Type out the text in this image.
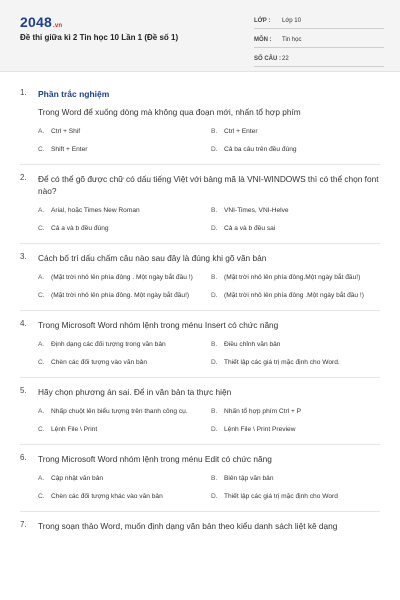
2048.vn
Đề thi giữa kì 2 Tin học 10 Lần 1 (Đề số 1)
LỚP :	Lớp 10
MÔN :	Tin học
SỐ CÂU : 22
1. Phần trắc nghiệm
Trong Word để xuống dòng mà không qua đoạn mới, nhấn tổ hợp phím
A.	Ctrl + Shif	B.	Ctrl + Enter
C. Shift + Enter	D. Cả ba câu trên đều đúng
2. Để có thể gõ được chữ có dấu tiếng Việt với bảng mã là VNI-WINDOWS thì có thể chọn font nào?
A.	Arial, hoặc Times New Roman	B.	VNI-Times, VNI-Helve
C. Cả a và b đều đúng	D. Cả a và b đều sai
3. Cách bố trí dấu chấm câu nào sau đây là đúng khi gõ văn bản
A.	(Mặt trời nhô lên phía đông . Một ngày bắt đầu !)	B.	(Mặt trời nhô lên phía đông.Một ngày bắt đầu!)
C. (Mặt trời nhô lên phía đông. Một ngày bắt đầu!)	D. (Mặt trời nhô lên phía đông .Một ngày bắt đầu !)
4. Trong Microsoft Word nhóm lệnh trong ménu Insert có chức năng
A.	Định dạng các đối tượng trong văn bản	B.	Điều chỉnh văn bản
C. Chèn các đối tượng vào văn bản	D. Thiết lập các giá trị mặc định cho Word.
5. Hãy chọn phương án sai. Để in văn bản ta thực hiện
A.	Nhấp chuột lên biểu tượng trên thanh công cụ.	B.	Nhấn tổ hợp phím Ctrl + P
C. Lệnh File \ Print	D. Lệnh File \ Print Preview
6. Trong Microsoft Word nhóm lệnh trong ménu Edit có chức năng
A.	Cập nhật văn bản	B.	Biên tập văn bản
C. Chèn các đối tượng khác vào văn bản	D. Thiết lập các giá trị mặc định cho Word
7. Trong soạn thảo Word, muốn định dạng văn bản theo kiểu danh sách liệt kê dạng
